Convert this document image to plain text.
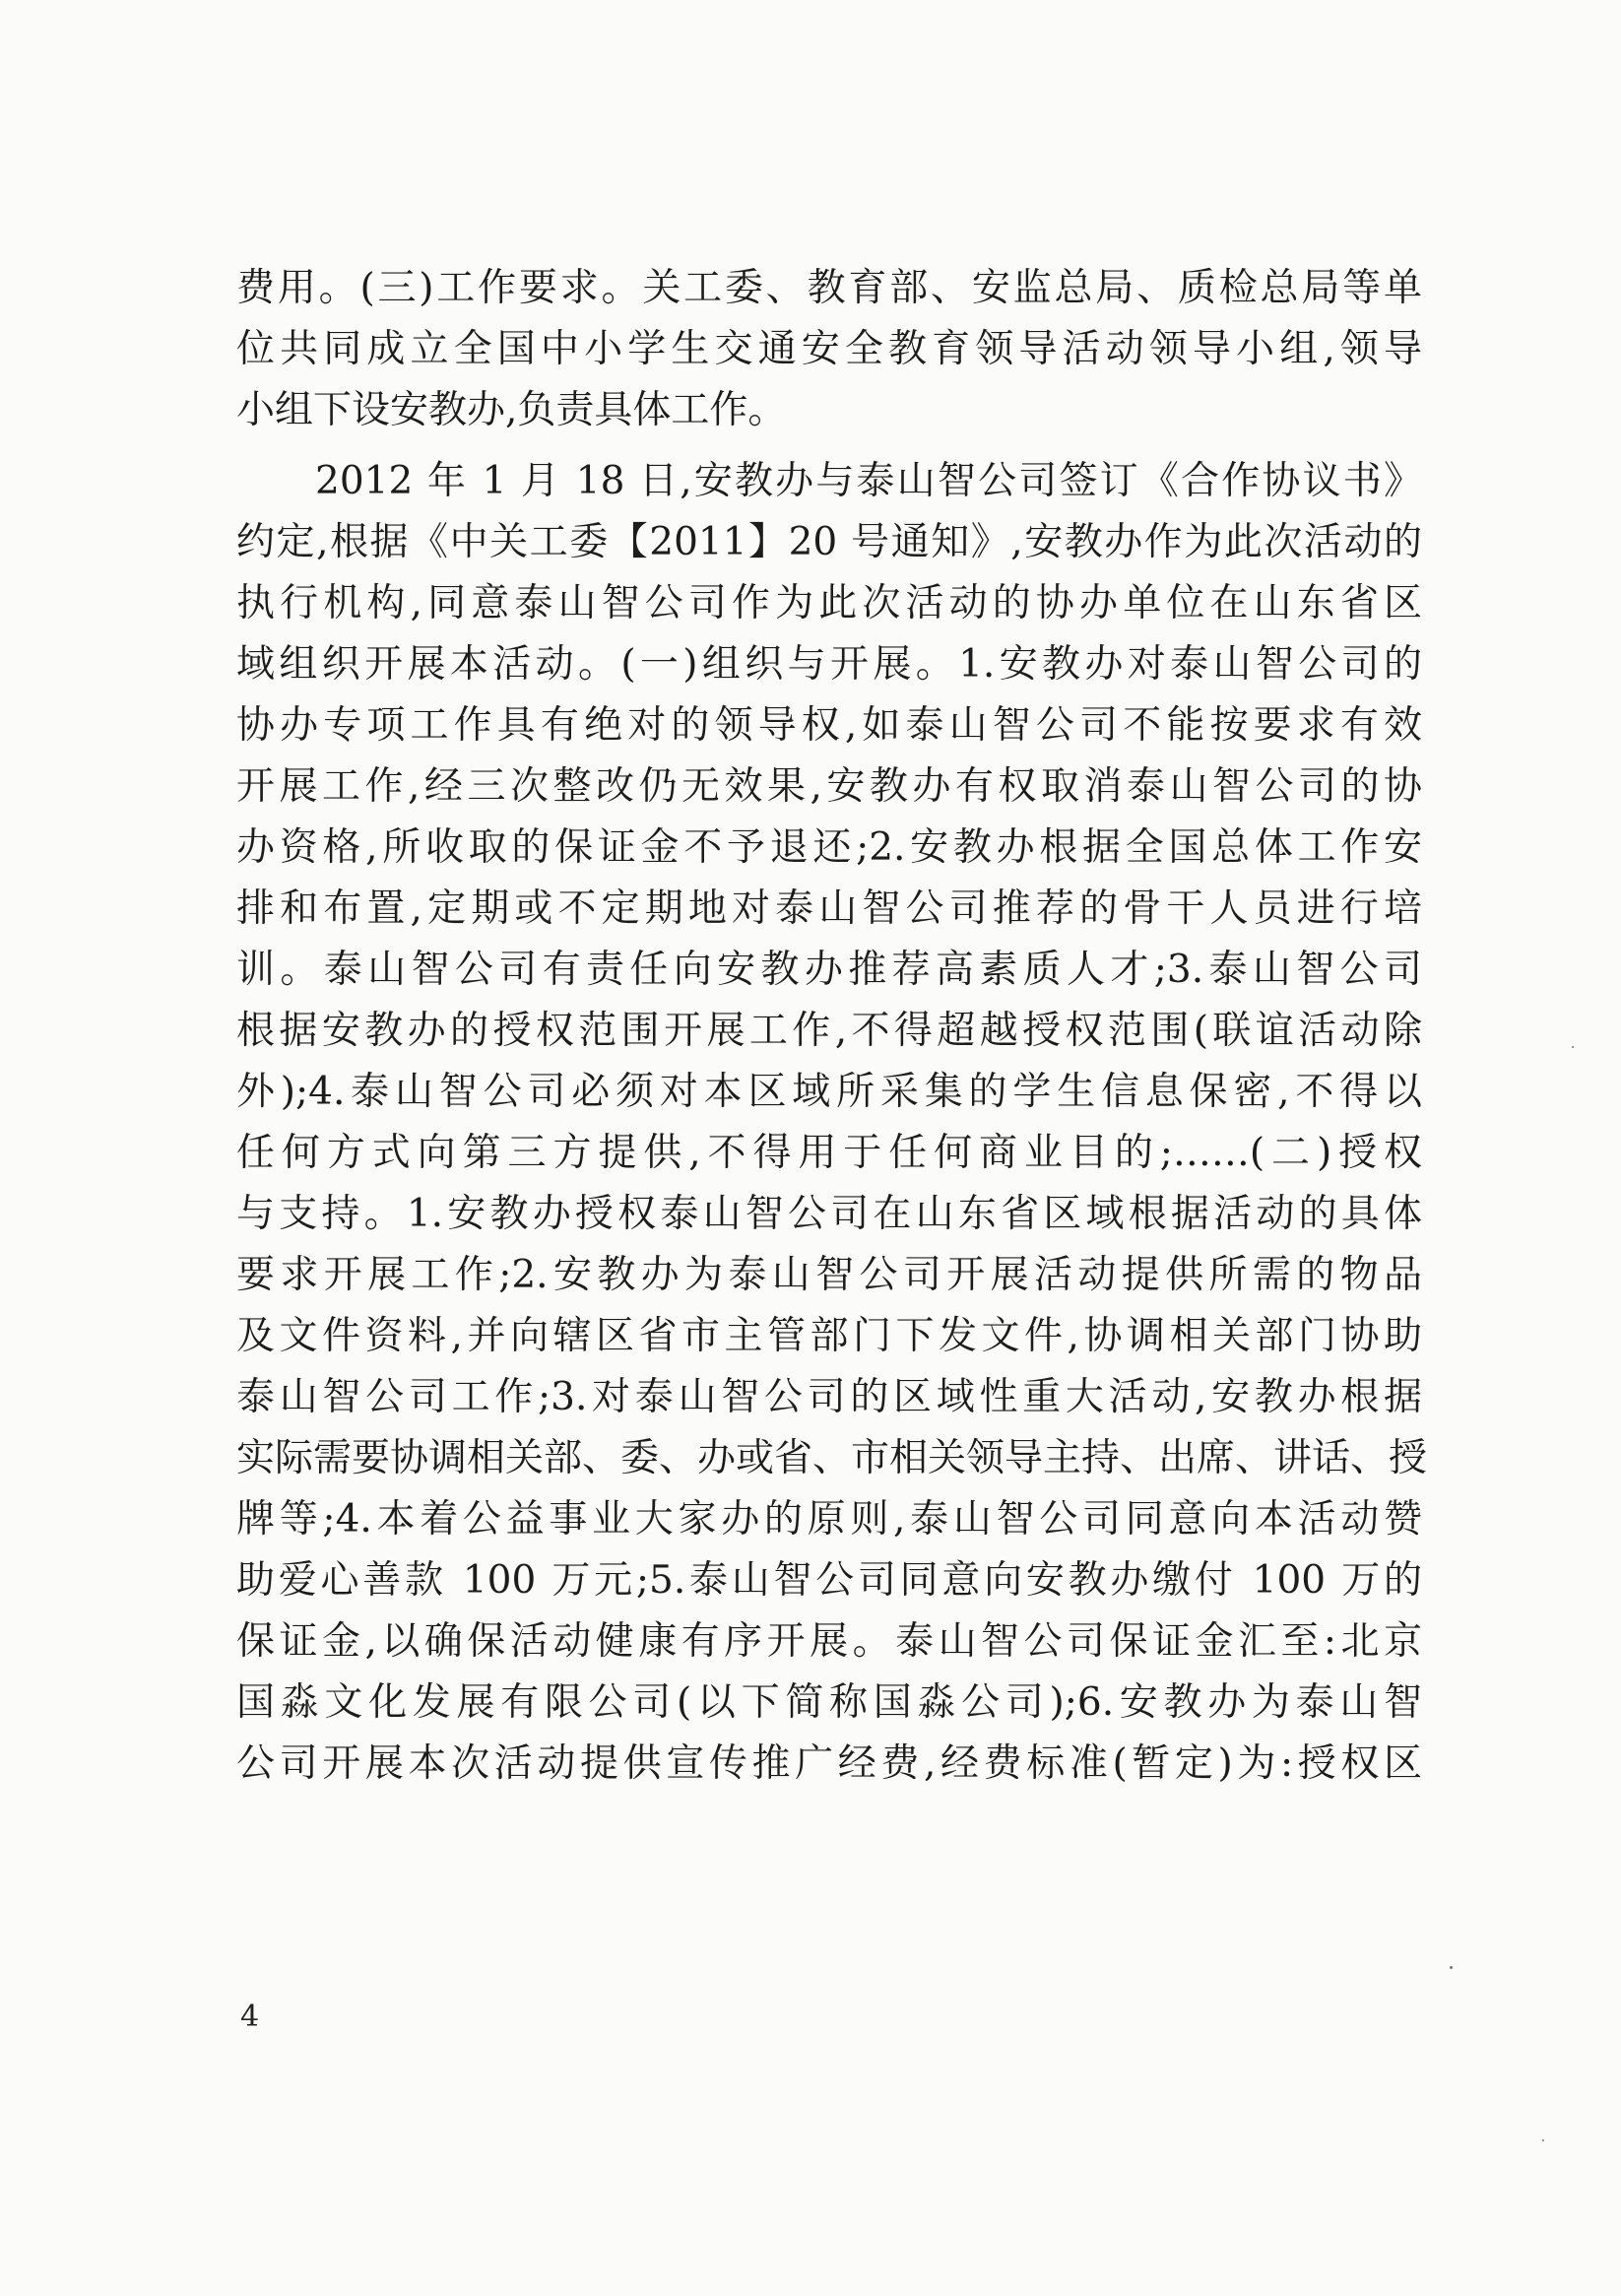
费用。(三)工作要求。关工委、教育部、安监总局、质检总局等单
位共同成立全国中小学生交通安全教育领导活动领导小组,领导
小组下设安教办,负责具体工作。
2012 年 1 月 18 日,安教办与泰山智公司签订《合作协议书》
约定,根据《中关工委【2011】20 号通知》,安教办作为此次活动的
执行机构,同意泰山智公司作为此次活动的协办单位在山东省区
域组织开展本活动。(一)组织与开展。1.安教办对泰山智公司的
协办专项工作具有绝对的领导权,如泰山智公司不能按要求有效
开展工作,经三次整改仍无效果,安教办有权取消泰山智公司的协
办资格,所收取的保证金不予退还;2.安教办根据全国总体工作安
排和布置,定期或不定期地对泰山智公司推荐的骨干人员进行培
训。泰山智公司有责任向安教办推荐高素质人才;3.泰山智公司
根据安教办的授权范围开展工作,不得超越授权范围(联谊活动除
外);4.泰山智公司必须对本区域所采集的学生信息保密,不得以
任何方式向第三方提供,不得用于任何商业目的;……(二)授权
与支持。1.安教办授权泰山智公司在山东省区域根据活动的具体
要求开展工作;2.安教办为泰山智公司开展活动提供所需的物品
及文件资料,并向辖区省市主管部门下发文件,协调相关部门协助
泰山智公司工作;3.对泰山智公司的区域性重大活动,安教办根据
实际需要协调相关部、委、办或省、市相关领导主持、出席、讲话、授
牌等;4.本着公益事业大家办的原则,泰山智公司同意向本活动赞
助爱心善款 100 万元;5.泰山智公司同意向安教办缴付 100 万的
保证金,以确保活动健康有序开展。泰山智公司保证金汇至:北京
国淼文化发展有限公司(以下简称国淼公司);6.安教办为泰山智
公司开展本次活动提供宣传推广经费,经费标准(暂定)为:授权区
4
